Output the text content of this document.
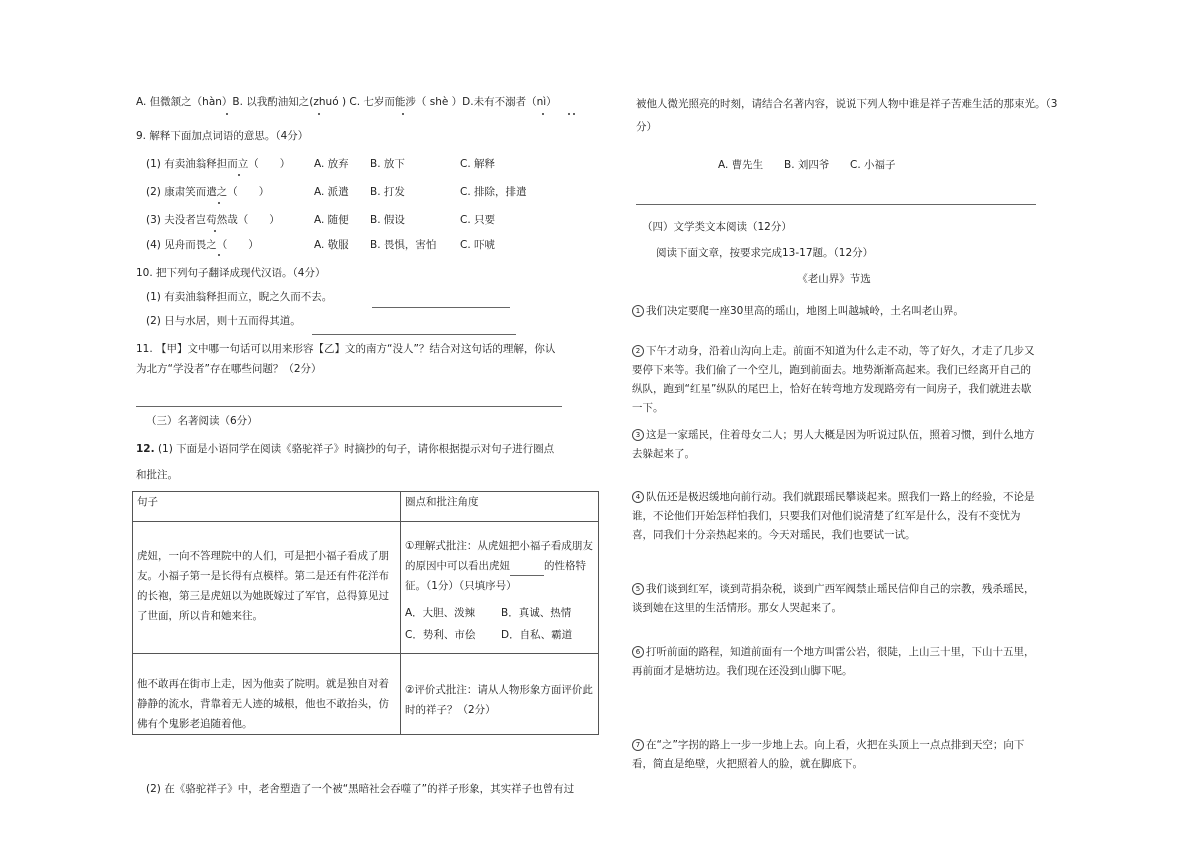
A. 但微颔之（hàn）B. 以我酌油知之(zhuó ) C. 七岁而能涉（ shè ）D.未有不溺者（nì）
9. 解释下面加点词语的意思。（4分）
(1) 有卖油翁释担而立（　　） A. 放弃 B. 放下	C. 解释
(2) 康肃笑而遣之（　　）	A. 派遣 B. 打发	C. 排除，排遣
(3) 夫没者岂苟然哉（　　）	A. 随便 B. 假设	C. 只要
(4) 见舟而畏之（　　）	A. 敬服 B. 畏惧，害怕 C. 吓唬
10. 把下列句子翻译成现代汉语。（4分）
(1) 有卖油翁释担而立，睨之久而不去。
(2) 日与水居，则十五而得其道。
11. 【甲】文中哪一句话可以用来形容【乙】文的南方“没人”？结合对这句话的理解，你认
为北方“学没者”存在哪些问题？（2分）
（三）名著阅读（6分）
12. (1) 下面是小语同学在阅读《骆驼祥子》时摘抄的句子，请你根据提示对句子进行圈点
和批注。
句子	圈点和批注角度
虎妞，一向不答理院中的人们，可是把小福子看成了朋友。小福子第一是长得有点模样。第二是还有件花洋布的长袍，第三是虎妞以为她既嫁过了军官，总得算见过了世面，所以肯和她来往。	①理解式批注：从虎妞把小福子看成朋友的原因中可以看出虎妞 的性格特征。（1分）（只填序号）
A．大胆、泼辣 B．真诚、热情
C．势利、市侩 D．自私、霸道

他不敢再在街市上走，因为他卖了院明。就是独自对着静静的流水，背靠着无人迹的城根，他也不敢抬头，仿佛有个鬼影老追随着他。	②评价式批注：请从人物形象方面评价此时的祥子？（2分）
(2) 在《骆驼祥子》中，老舍塑造了一个被“黑暗社会吞噬了”的祥子形象，其实祥子也曾有过
被他人微光照亮的时刻，请结合名著内容，说说下列人物中谁是祥子苦难生活的那束光。（3
分）
A. 曹先生 B. 刘四爷 C. 小福子
（四）文学类文本阅读（12分）
阅读下面文章，按要求完成13-17题。（12分）
《老山界》节选
1 我们决定要爬一座30里高的瑶山，地图上叫越城岭，土名叫老山界。
2 下午才动身，沿着山沟向上走。前面不知道为什么走不动，等了好久，才走了几步又要停下来等。我们偷了一个空儿，跑到前面去。地势渐渐高起来。我们已经离开自己的纵队，跑到“红星”纵队的尾巴上，恰好在转弯地方发现路旁有一间房子，我们就进去歇一下。
3 这是一家瑶民，住着母女二人；男人大概是因为听说过队伍，照着习惯，到什么地方去躲起来了。
4 队伍还是极迟缓地向前行动。我们就跟瑶民攀谈起来。照我们一路上的经验，不论是谁，不论他们开始怎样怕我们，只要我们对他们说清楚了红军是什么，没有不变忧为喜，同我们十分亲热起来的。今天对瑶民，我们也要试一试。
5 我们谈到红军，谈到苛捐杂税，谈到广西军阀禁止瑶民信仰自己的宗教，残杀瑶民，谈到她在这里的生活情形。那女人哭起来了。
6 打听前面的路程，知道前面有一个地方叫雷公岩，很陡，上山三十里，下山十五里，再前面才是塘坊边。我们现在还没到山脚下呢。
7 在“之”字拐的路上一步一步地上去。向上看，火把在头顶上一点点排到天空；向下看，简直是绝壁，火把照着人的脸，就在脚底下。
